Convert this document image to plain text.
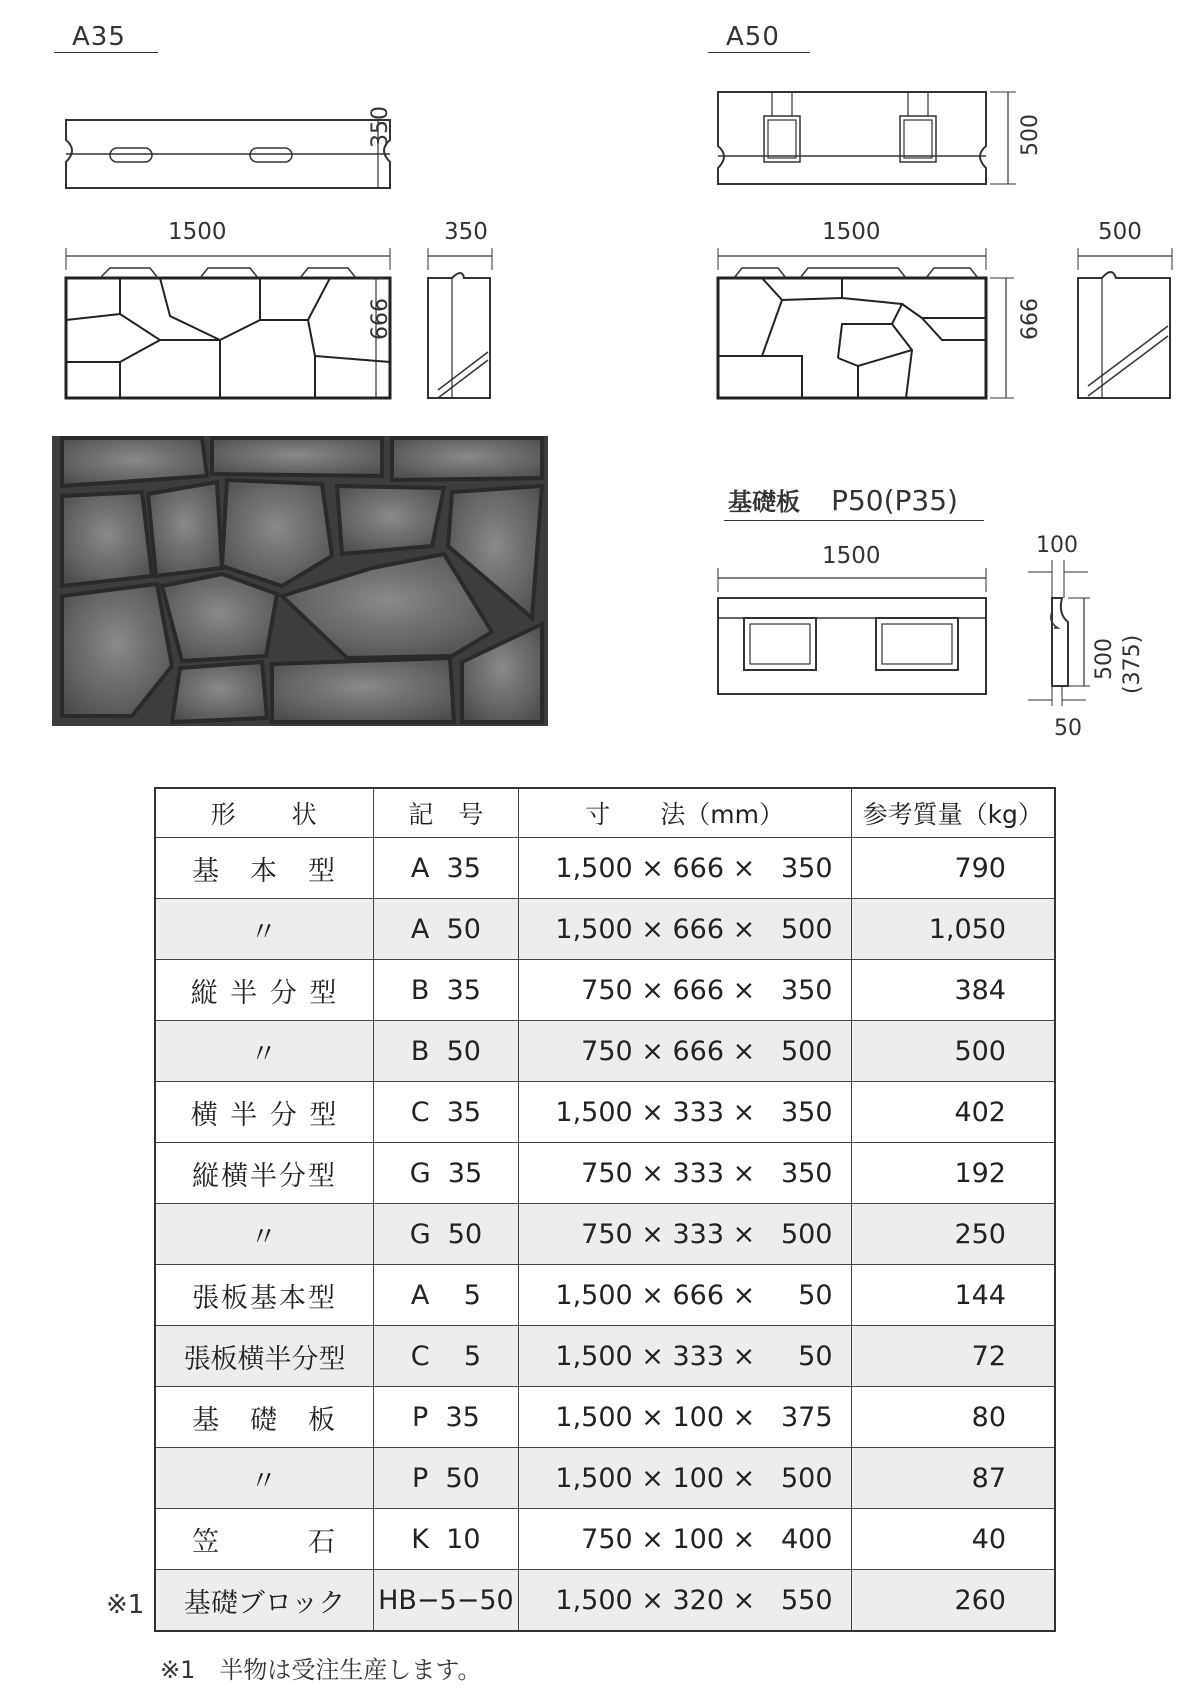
A35
350
1500
666
350
A50
500
1500
666
500
基礎板 P50(P35)
1500	100
500 (375)
50
形　　状	記　号	寸　　法（mm）	参考質量（kg）
基　本　型	A  35	1,500 × 666 ×   350	790
〃	A  50	1,500 × 666 ×   500	1,050
縦 半 分 型	B  35	750 × 666 ×   350	384
〃	B  50	750 × 666 ×   500	500
横 半 分 型	C  35	1,500 × 333 ×   350	402
縦横半分型	G  35	750 × 333 ×   350	192
〃	G  50	750 × 333 ×   500	250
張板基本型	A    5	1,500 × 666 ×     50	144
張板横半分型	C    5	1,500 × 333 ×     50	72
基　礎　板	P  35	1,500 × 100 ×   375	80
〃	P  50	1,500 × 100 ×   500	87
笠　　　石	K  10	750 × 100 ×   400	40
基礎ブロック	HB−5−50	1,500 × 320 ×   550	260
※1
※1　半物は受注生産します。
